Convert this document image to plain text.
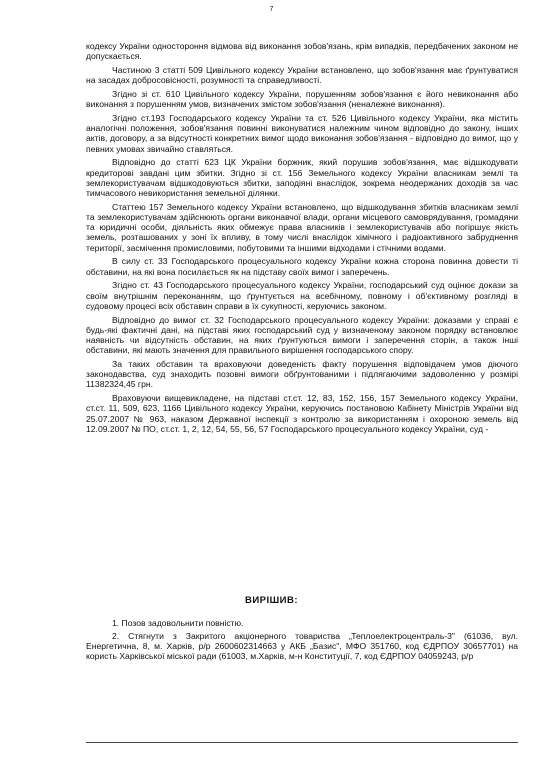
7

кодексу України одностороння відмова від виконання зобов'язань, крім випадків, передбачених законом не допускається.

Частиною 3 статті 509 Цивільного кодексу України встановлено, що зобов'язання має ґрунтуватися на засадах добросовісності, розумності та справедливості.

Згідно зі ст. 610 Цивільного кодексу України, порушенням зобов'язання є його невиконання або виконання з порушенням умов, визначених змістом зобов'язання (неналежне виконання).

Згідно ст.193 Господарського кодексу України та ст. 526 Цивільного кодексу України, яка містить аналогічні положення, зобов'язання повинні виконуватися належним чином відповідно до закону, інших актів, договору, а за відсутності конкретних вимог щодо виконання зобов'язання - відповідно до вимог, що у певних умовах звичайно ставляться.

Відповідно до статті 623 ЦК України боржник, який порушив зобов'язання, має відшкодувати кредиторові завдані цим збитки. Згідно зі ст. 156 Земельного кодексу України власникам землі та землекористувачам відшкодовуються збитки, заподіяні внаслідок, зокрема неодержаних доходів за час тимчасового невикористання земельної ділянки.

Статтею 157 Земельного кодексу України встановлено, що відшкодування збитків власникам землі та землекористувачам здійснюють органи виконавчої влади, органи місцевого самоврядування, громадяни та юридичні особи, діяльність яких обмежує права власників і землекористувачів або погіршує якість земель, розташованих у зоні їх впливу, в тому числі внаслідок хімічного і радіоактивного забруднення території, засмічення промисловими, побутовими та іншими відходами і стічними водами.

В силу ст. 33 Господарського процесуального кодексу України кожна сторона повинна довести ті обставини, на які вона посилається як на підставу своїх вимог і заперечень.

Згідно ст. 43 Господарського процесуального кодексу України, господарський суд оцінює докази за своїм внутрішнім переконанням, що ґрунтується на всебічному, повному і об'єктивному розгляді в судовому процесі всіх обставин справи в їх сукупності, керуючись законом.

Відповідно до вимог ст. 32 Господарського процесуального кодексу України: доказами у справі є будь-які фактичні дані, на підставі яких господарський суд у визначеному законом порядку встановлює наявність чи відсутність обставин, на яких ґрунтуються вимоги і заперечення сторін, а також інші обставини, які мають значення для правильного вирішення господарського спору.

За таких обставин та враховуючи доведеність факту порушення відповідачем умов діючого законодавства, суд знаходить позовні вимоги обґрунтованими і підлягаючими задоволенню у розмірі 11382324,45 грн.

Враховуючи вищевикладене, на підставі ст.ст. 12, 83, 152, 156, 157 Земельного кодексу України, ст.ст. 11, 509, 623, 1166 Цивільного кодексу України, керуючись постановою Кабінету Міністрів України від 25.07.2007 № 963, наказом Державної інспекції з контролю за використанням і охороною земель від 12.09.2007 № ПО, ст.ст. 1, 2, 12, 54, 55, 56, 57 Господарського процесуального кодексу України, суд -

ВИРІШИВ:

1. Позов задовольнити повністю.

2. Стягнути з Закритого акціонерного товариства „Теплоелектроцентраль-3" (61036, вул. Енергетична, 8, м. Харків, р/р 2600602314663 у АКБ „Базис", МФО 351760, код ЄДРПОУ 30657701) на користь Харківської міської ради (61003, м.Харків, м-н Конституції, 7, код ЄДРПОУ 04059243, р/р
